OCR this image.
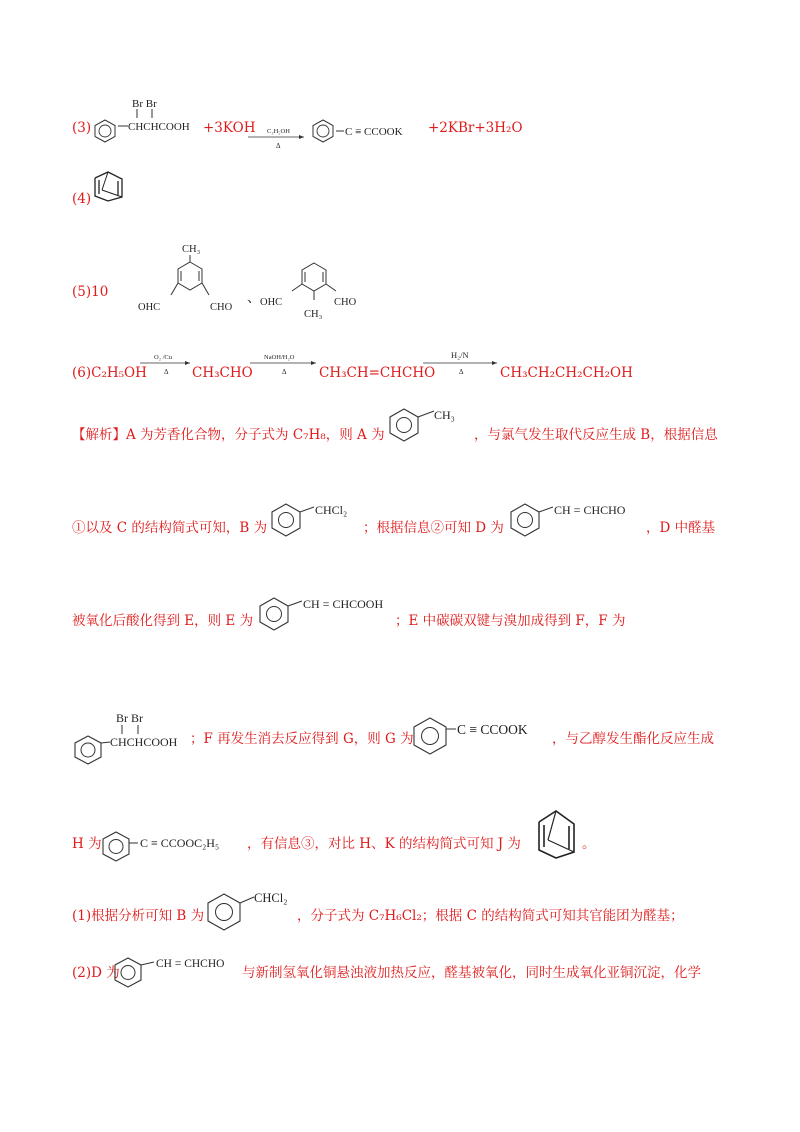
(3)
Br Br
CHCHCOOH +3KOH C₂H₅OH
Δ
C ≡ CCOOK +2KBr+3H₂O
(4)
(5)10
CH₃
OHC	CHO
、 OHC	CHO
CH₃
(6)C₂H₅OH
O₂ /Cu
Δ CH₃CHO
NaOH/H₂O
Δ CH₃CH=CHCHO
H₂/N
Δ	CH₃CH₂CH₂CH₂OH
【解析】A 为芳香化合物，分子式为 C₇H₈，则 A 为
CH₃
，与氯气发生取代反应生成 B，根据信息
①以及 C 的结构简式可知，B 为
CHCl₂
；根据信息②可知 D 为
CH = CHCHO
，D 中醛基
被氧化后酸化得到 E，则 E 为
CH = CHCOOH
；E 中碳碳双键与溴加成得到 F，F 为
Br Br
CHCHCOOH ；F 再发生消去反应得到 G，则 G 为
C ≡ CCOOK
，与乙醇发生酯化反应生成
H 为	C ≡ CCOOC₂H₅ ，有信息③，对比 H、K 的结构简式可知 J 为	。
(1)根据分析可知 B 为
CHCl₂
，分子式为 C₇H₆Cl₂；根据 C 的结构简式可知其官能团为醛基；
(2)D 为
CH = CHCHO
与新制氢氧化铜悬浊液加热反应，醛基被氧化，同时生成氧化亚铜沉淀，化学
